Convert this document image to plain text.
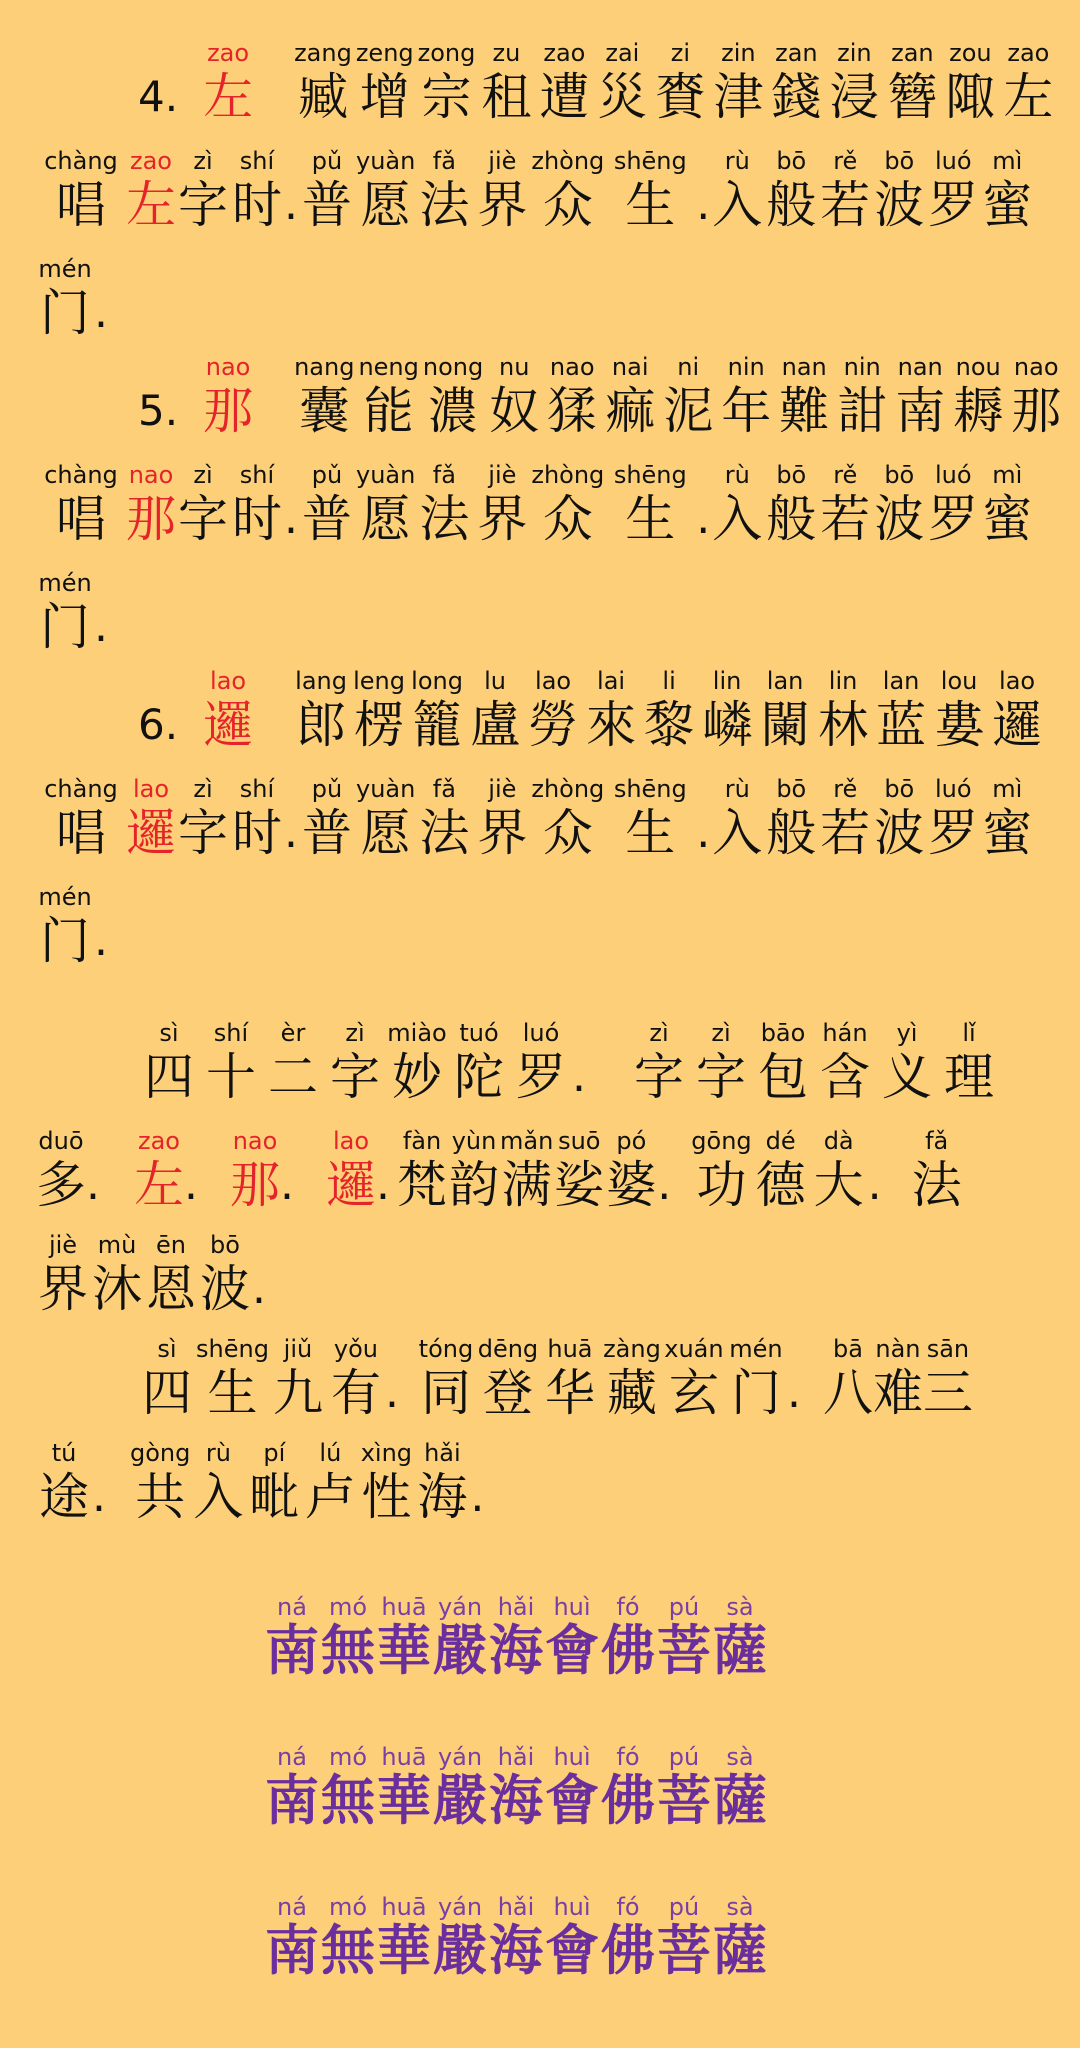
4.
zao
左
zang
臧
zeng
增
zong
宗
zu
租
zao
遭
zai
災
zi
賚
zin
津
zan
錢
zin
浸
zan
簪
zou
陬
zao
左
chàng
唱
zao
左
zì
字
shí
时 .
pǔ
普
yuàn
愿
fǎ
法
jiè
界
zhòng
众
shēng
生 .
rù
入
bō
般
rě
若
bō
波
luó
罗
mì
蜜
mén
门 .
5.
nao
那
nang
囊
neng
能
nong
濃
nu
奴
nao
猱
nai
痲
ni
泥
nin
年
nan
難
nin
詌
nan
南
nou
耨
nao
那
chàng
唱
nao
那
zì
字
shí
时 .
pǔ
普
yuàn
愿
fǎ
法
jiè
界
zhòng
众
shēng
生 .
rù
入
bō
般
rě
若
bō
波
luó
罗
mì
蜜
mén
门 .
6.
lao
邏
lang
郎
leng
楞
long
籠
lu
盧
lao
勞
lai
來
li
黎
lin
嶙
lan
闌
lin
林
lan
蓝
lou
婁
lao
邏
chàng
唱
lao
邏
zì
字
shí
时 .
pǔ
普
yuàn
愿
fǎ
法
jiè
界
zhòng
众
shēng
生 .
rù
入
bō
般
rě
若
bō
波
luó
罗
mì
蜜
mén
门 .
sì
四
shí
十
èr
二
zì
字
miào
妙
tuó
陀
luó
罗 .
zì
字
zì
字
bāo
包
hán
含
yì
义
lǐ
理
duō
多 .
zao
左 .
nao
那 .
lao
邏 .
fàn
梵
yùn
韵
mǎn
满
suō
娑
pó
婆 .
gōng
功
dé
德
dà
大 .
fǎ
法
jiè
界
mù
沐
ēn
恩
bō
波 .
sì
四
shēng
生
jiǔ
九
yǒu
有 .
tóng
同
dēng
登
huā
华
zàng
藏
xuán
玄
mén
门 .
bā
八
nàn
难
sān
三
tú
途 .
gòng
共
rù
入
pí
毗
lú
卢
xìng
性
hǎi
海 .
ná
南
mó
無
huā
華
yán
嚴
hǎi
海
huì
會
fó
佛
pú
菩
sà
薩
ná
南
mó
無
huā
華
yán
嚴
hǎi
海
huì
會
fó
佛
pú
菩
sà
薩
ná
南
mó
無
huā
華
yán
嚴
hǎi
海
huì
會
fó
佛
pú
菩
sà
薩
